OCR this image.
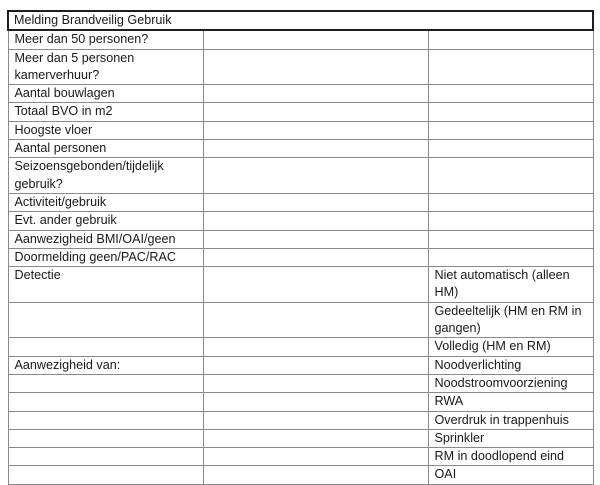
Melding Brandveilig Gebruik		
Meer dan 50 personen?		
Meer dan 5 personen kamerverhuur?		
Aantal bouwlagen		
Totaal BVO in m2		
Hoogste vloer		
Aantal personen		
Seizoensgebonden/tijdelijk gebruik?		
Activiteit/gebruik		
Evt. ander gebruik		
Aanwezigheid BMI/OAI/geen		
Doormelding geen/PAC/RAC		
Detectie		Niet automatisch (alleen HM)
		Gedeeltelijk (HM en RM in gangen)
		Volledig (HM en RM)
Aanwezigheid van:		Noodverlichting
		Noodstroomvoorziening
		RWA
		Overdruk in trappenhuis
		Sprinkler
		RM in doodlopend eind
		OAI
